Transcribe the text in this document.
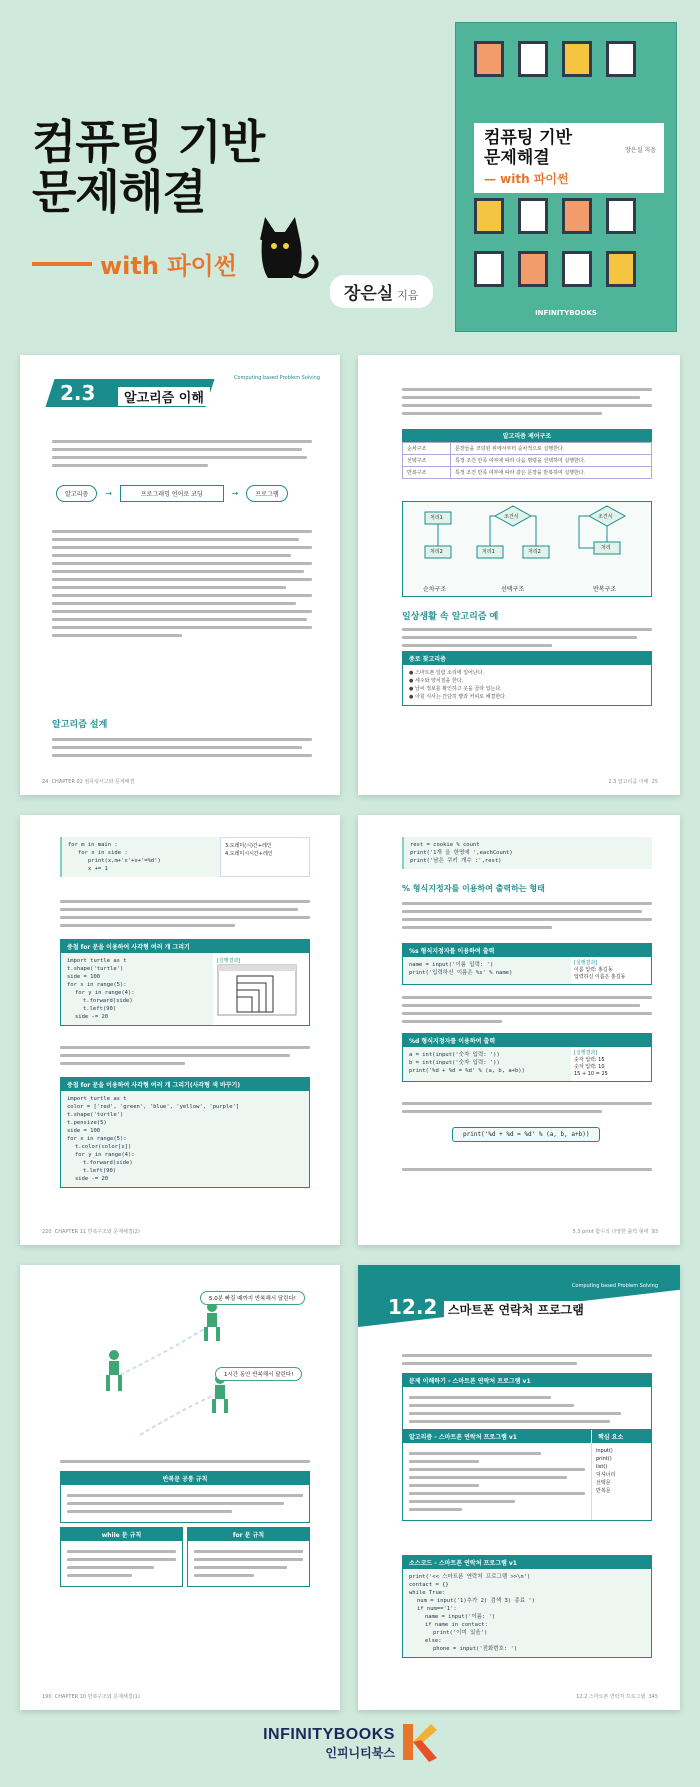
컴퓨팅 기반
문제해결
with 파이썬
장은실 지음
컴퓨팅 기반
문제해결
— with 파이썬
장은실 지음
INFINITYBOOKS
Computing based Problem Solving
2.3	알고리즘 이해
알고리즘	→	프로그래밍 언어로 코딩	→	프로그램
알고리즘 설계
24 CHAPTER 02 컴퓨팅사고와 문제해결
알고리즘 제어구조
순차구조	문장들을 코딩된 위에서부터 순차적으로 실행한다.
선택구조	특정 조건 만족 여부에 따라 다음 명령을 선택하여 실행한다.
반복구조	특정 조건 만족 여부에 따라 같은 문장을 반복하여 실행한다.
처리1
처리2
조건식
처리1	처리2
조건식
처리
순차구조	선택구조	반복구조
일상생활 속 알고리즘 예
종로 찾고리즘
● 스마트폰 일람 소리에 일어난다.
● 세수와 양치질을 한다.
● 날씨 정보를 확인하고 옷을 골라 입는다.
● 아침 식사는 간단히 빵과 커피로 해결한다.
2.3 알고리즘 이해 25
for m in main :
for x in side :
print(x,m+'x'+x+'=%d')
x += 1
3.도레미(시)간+레인
4.도레미시시간+레인
중첩 for 문을 이용하여 사각형 여러 개 그리기
import turtle as t
t.shape('turtle')
side = 100
for x in range(5):
for y in range(4):
t.forward(side)
t.left(90)
side -= 20
[실행결과]
중첩 for 문을 이용하여 사각형 여러 개 그리기(사각형 색 바꾸기)
import turtle as t
color = ['red', 'green', 'blue', 'yellow', 'purple']
t.shape('turtle')
t.pensize(5)
side = 100
for x in range(5):
t.color(color[x])
for y in range(4):
t.forward(side)
t.left(90)
side -= 20
220 CHAPTER 11 반복구조와 문제해결(2)
rest = cookie % count
print('1개 을 한명에 ',eachCount)
print('남은 쿠키 개수 :',rest)
% 형식지정자를 이용하여 출력하는 형태
%s 형식지정자를 이용하여 출력
name = input('이름 입력: ')
print('입력하신 이름은 %s' % name)
[실행결과]
이름 입력: 홍길동
입력하신 이름은 홍길동
%d 형식지정자를 이용하여 출력
a = int(input('숫자 입력: '))
b = int(input('숫자 입력: '))
print('%d + %d = %d' % (a, b, a+b))
[실행결과]
숫자 입력: 15
숫자 입력: 10
15 + 10 = 25
print('%d + %d = %d' % (a, b, a+b))
5.3 print 함수의 다양한 출력 형태 93
5.0분 빠질 때까지 반복해서 달린다!
1시간 동안 반복해서 달린다!
반복문 공통 규칙
while 문 규칙	for 문 규칙
190 CHAPTER 10 반복구조와 문제해결(1)
Computing based Problem Solving
12.2 스마트폰 연락처 프로그램
문제 이해하기 - 스마트폰 연락처 프로그램 v1
알고리즘 - 스마트폰 연락처 프로그램 v1	핵심 요소
input()
print()
list()
딕셔너리
선택문
반복문
소스코드 - 스마트폰 연락처 프로그램 v1
print('<< 스마트폰 연락처 프로그램 >>\n')
contact = {}
while True:
num = input('1)추가 2) 검색 3) 종료 ')
if num=='1':
name = input('이름: ')
if name in contact:
print('이미 있음')
else:
phone = input('전화번호: ')
12.2 스마트폰 연락처 프로그램 345
INFINITYBOOKS
인피니티북스
